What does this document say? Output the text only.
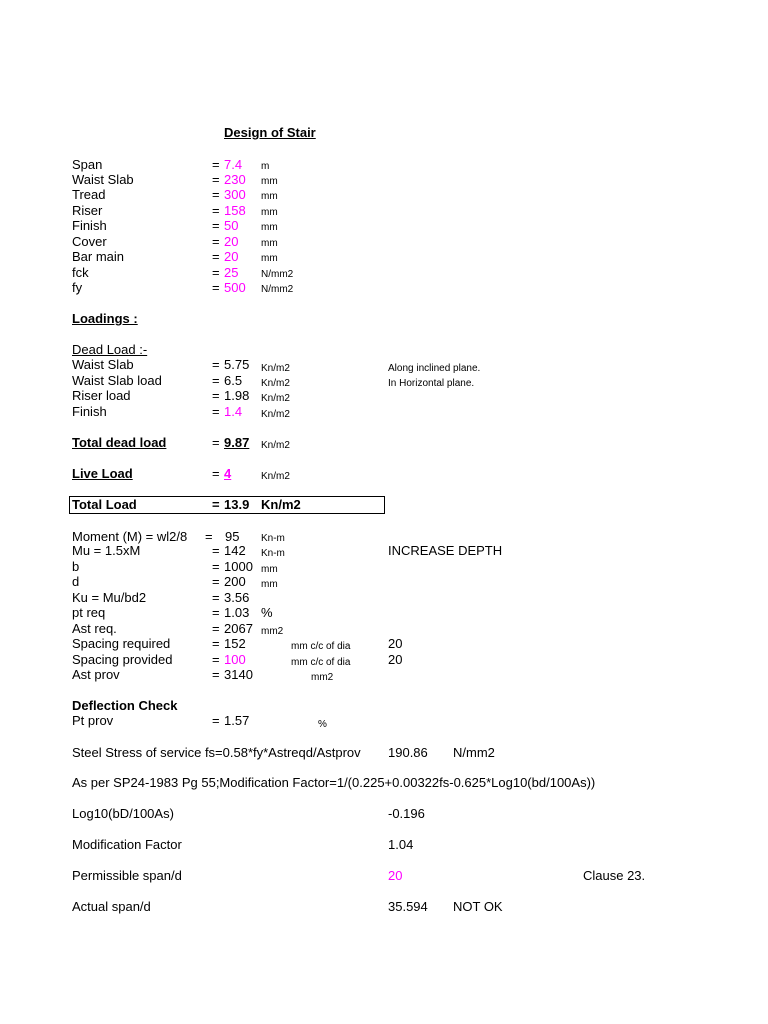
Design of Stair
Span	= 7.4 m
Waist Slab	= 230 mm
Tread	= 300 mm
Riser	= 158 mm
Finish	= 50 mm
Cover	= 20 mm
Bar main	= 20 mm
fck	= 25 N/mm2
fy	= 500 N/mm2
Loadings :
Dead Load :-
Waist Slab	= 5.75 Kn/m2	Along inclined plane.
Waist Slab load	= 6.5 Kn/m2	In Horizontal plane.
Riser load	= 1.98 Kn/m2
Finish	= 1.4 Kn/m2
Total dead load	= 9.87 Kn/m2
Live Load	= 4	Kn/m2
Total Load	= 13.9 Kn/m2
Moment (M) = wl2/8 = 95 Kn-m
Mu = 1.5xM	= 142 Kn-m	INCREASE DEPTH
b	= 1000 mm
d	= 200 mm
Ku = Mu/bd2	= 3.56
pt req	= 1.03 %
Ast req.	= 2067 mm2
Spacing required	= 152	mm c/c of dia	20
Spacing provided	= 100	mm c/c of dia	20
Ast prov	= 3140	mm2
Deflection Check
Pt prov	= 1.57	%
Steel Stress of service fs=0.58*fy*Astreqd/Astprov 190.86 N/mm2
As per SP24-1983 Pg 55;Modification Factor=1/(0.225+0.00322fs-0.625*Log10(bd/100As))
Log10(bD/100As)	-0.196
Modification Factor	1.04
Permissible span/d	20	Clause 23.
Actual span/d	35.594 NOT OK
